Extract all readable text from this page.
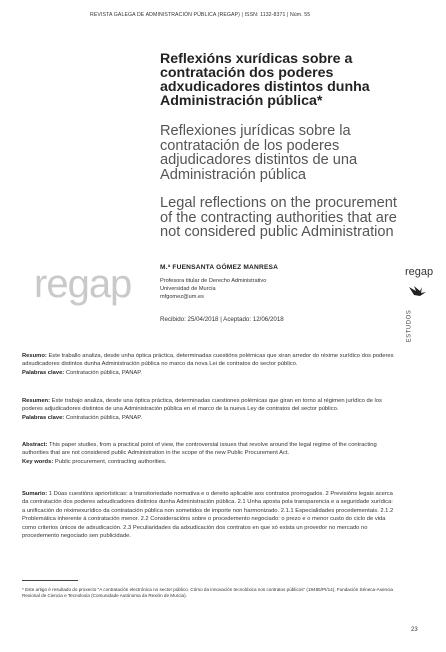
REVISTA GALEGA DE ADMINISTRACIÓN PÚBLICA (REGAP) | ISSN: 1132-8371 | Núm. 55
Reflexións xurídicas sobre a contratación dos poderes adxudicadores distintos dunha Administración pública*
Reflexiones jurídicas sobre la contratación de los poderes adjudicadores distintos de una Administración pública
Legal reflections on the procurement of the contracting authorities that are not considered public Administration
regap	M.ª FUENSANTA GÓMEZ MANRESA
Profesora titular de Derecho Administrativo
Universidad de Murcia
mfgomez@um.es
Recibido: 25/04/2018 | Aceptado: 12/06/2018
regap
ESTUDOS
Resumo: Este traballo analiza, desde unha óptica práctica, determinadas cuestións polémicas que xiran arredor do réxime xurídico dos poderes adxudicadores distintos dunha Administración pública no marco da nova Lei de contratos do sector público.
Palabras clave: Contratación pública, PANAP.
Resumen: Este trabajo analiza, desde una óptica práctica, determinadas cuestiones polémicas que giran en torno al régimen jurídico de los poderes adjudicadores distintos de una Administración pública en el marco de la nueva Ley de contratos del sector público.
Palabras clave: Contratación pública, PANAP.
Abstract: This paper studies, from a practical point of view, the controversial issues that revolve around the legal regime of the contracting authorities that are not considered public Administration in the scope of the new Public Procurement Act.
Key words: Public procurement, contracting authorities.
Sumario: 1 Dúas cuestións apriorísticas: a transitoriedade normativa e o dereito aplicable aos contratos prorrogados. 2 Previsións legais acerca da contratación dos poderes adxudicadores distintos dunha Administración pública. 2.1 Unha aposta pola transparencia e a seguridade xurídica: a unificación do réximexurídico da contratación pública non sometidos de importe non harmonizado. 2.1.1 Especialidades procedementais. 2.1.2 Problemática inherente á contratación menor. 2.2 Consideracións sobre o procedemento negociado: o prezo e o menor custo do ciclo de vida como criterios únicos de adxudicación. 2.3 Peculiaridades da adxudicación dos contratos en que só exista un provedor no mercado no procedemento negociado sen publicidade.
* Este artigo é resultado do proxecto "A contratación electrónica no sector público. Cómo da innovación tecnolóxica nos contratos públicos" (19485/PI/14), Fundación Séneca-Axencia Rexional de Ciencia e Tecnoloxía (Comunidade Autónoma da Rexión de Murcia).
23
